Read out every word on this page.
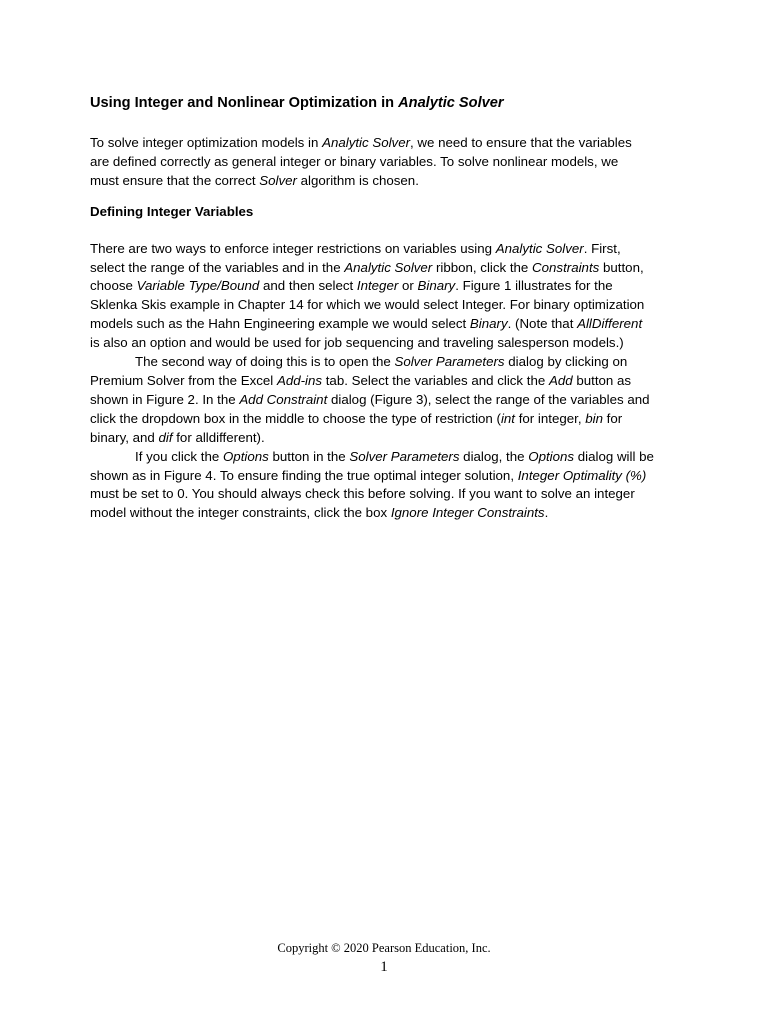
Using Integer and Nonlinear Optimization in Analytic Solver
To solve integer optimization models in Analytic Solver, we need to ensure that the variables
are defined correctly as general integer or binary variables. To solve nonlinear models, we
must ensure that the correct Solver algorithm is chosen.
Defining Integer Variables
There are two ways to enforce integer restrictions on variables using Analytic Solver. First,
select the range of the variables and in the Analytic Solver ribbon, click the Constraints button,
choose Variable Type/Bound and then select Integer or Binary. Figure 1 illustrates for the
Sklenka Skis example in Chapter 14 for which we would select Integer. For binary optimization
models such as the Hahn Engineering example we would select Binary. (Note that AllDifferent
is also an option and would be used for job sequencing and traveling salesperson models.)
The second way of doing this is to open the Solver Parameters dialog by clicking on
Premium Solver from the Excel Add-ins tab. Select the variables and click the Add button as
shown in Figure 2. In the Add Constraint dialog (Figure 3), select the range of the variables and
click the dropdown box in the middle to choose the type of restriction (int for integer, bin for
binary, and dif for alldifferent).
If you click the Options button in the Solver Parameters dialog, the Options dialog will be
shown as in Figure 4. To ensure finding the true optimal integer solution, Integer Optimality (%)
must be set to 0. You should always check this before solving. If you want to solve an integer
model without the integer constraints, click the box Ignore Integer Constraints.
Copyright © 2020 Pearson Education, Inc.
1
